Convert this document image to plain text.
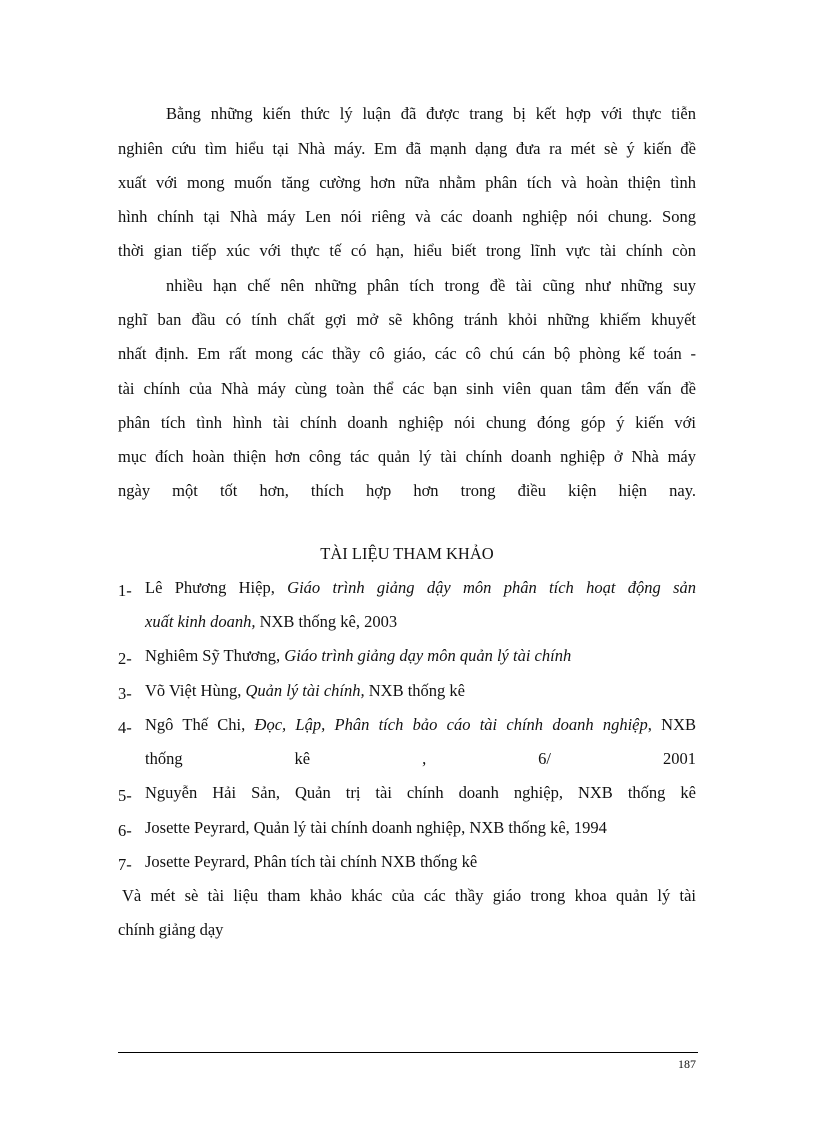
Bằng những kiến thức lý luận đã được trang bị kết hợp với thực tiễn
nghiên cứu tìm hiểu tại Nhà máy. Em đã mạnh dạng đưa ra mét sè ý kiến đề
xuất với mong muốn tăng cường hơn nữa nhằm phân tích và hoàn thiện tình
hình chính tại Nhà máy Len nói riêng và các doanh nghiệp nói chung. Song
thời gian tiếp xúc với thực tế có hạn, hiểu biết trong lĩnh vực tài chính còn
nhiều hạn chế nên những phân tích trong đề tài cũng như những suy
nghĩ ban đầu có tính chất gợi mở sẽ không tránh khỏi những khiếm khuyết
nhất định. Em rất mong các thầy cô giáo, các cô chú cán bộ phòng kế toán -
tài chính của Nhà máy cùng toàn thể các bạn sinh viên quan tâm đến vấn đề
phân tích tình hình tài chính doanh nghiệp nói chung đóng góp ý kiến với
mục đích hoàn thiện hơn công tác quản lý tài chính doanh nghiệp ở Nhà máy
ngày một tốt hơn, thích hợp hơn trong điều kiện hiện nay.
TÀI LIỆU THAM KHẢO
1- Lê Phương Hiệp, Giáo trình giảng dậy môn phân tích hoạt động sản
xuất kinh doanh, NXB thống kê, 2003
2- Nghiêm Sỹ Thương, Giáo trình giảng dạy môn quản lý tài chính
3- Võ Việt Hùng, Quản lý tài chính, NXB thống kê
4- Ngô Thế Chi, Đọc, Lập, Phân tích bảo cáo tài chính doanh nghiệp, NXB
thống	kê	,	6/	2001
5- Nguyễn Hải Sản, Quản trị tài chính doanh nghiệp, NXB thống kê
6- Josette Peyrard, Quản lý tài chính doanh nghiệp, NXB thống kê, 1994
7- Josette Peyrard, Phân tích tài chính NXB thống kê
Và mét sè tài liệu tham khảo khác của các thầy giáo trong khoa quản lý tài
chính giảng dạy
187
